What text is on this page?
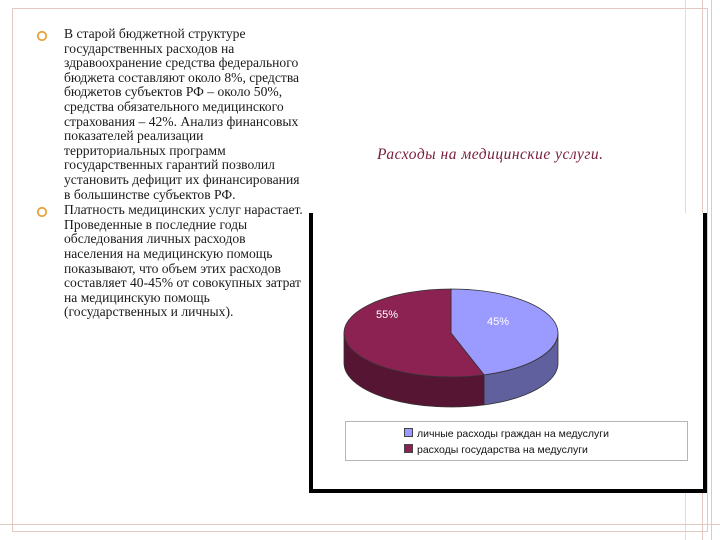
В старой бюджетной структуре государственных расходов на здравоохранение средства федерального бюджета составляют около 8%, средства бюджетов субъектов РФ – около 50%, средства обязательного медицинского страхования – 42%. Анализ финансовых показателей реализации территориальных программ государственных гарантий позволил установить дефицит их финансирования в большинстве субъектов РФ.
Платность медицинских услуг нарастает. Проведенные в последние годы обследования личных расходов населения на медицинскую помощь показывают, что объем этих расходов составляет 40-45% от совокупных затрат на медицинскую помощь (государственных и личных).
Расходы на медицинские услуги.
45%
55%
личные расходы граждан на медуслуги
расходы государства на медуслуги
